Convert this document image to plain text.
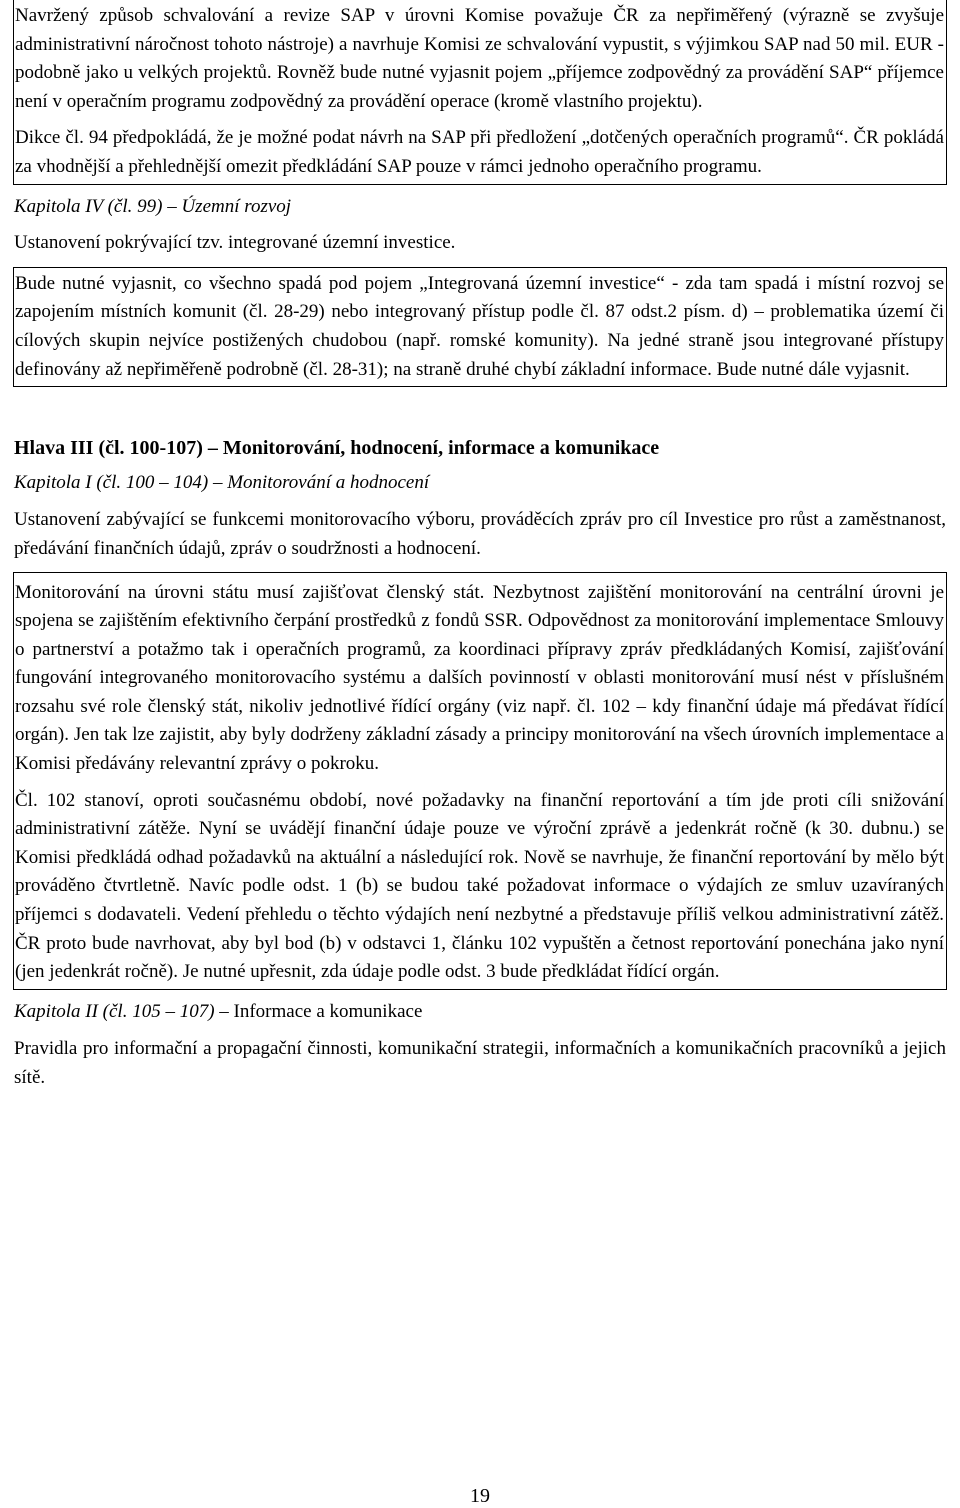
Navržený způsob schvalování a revize SAP v úrovni Komise považuje ČR za nepřiměřený (výrazně se zvyšuje administrativní náročnost tohoto nástroje) a navrhuje Komisi ze schvalování vypustit, s výjimkou SAP nad 50 mil. EUR - podobně jako u velkých projektů. Rovněž bude nutné vyjasnit pojem „příjemce zodpovědný za provádění SAP“ příjemce není v operačním programu zodpovědný za provádění operace (kromě vlastního projektu).

Dikce čl. 94 předpokládá, že je možné podat návrh na SAP při předložení „dotčených operačních programů“. ČR pokládá za vhodnější a přehlednější omezit předkládání SAP pouze v rámci jednoho operačního programu.

Kapitola IV (čl. 99) – Územní rozvoj

Ustanovení pokrývající tzv. integrované územní investice.

Bude nutné vyjasnit, co všechno spadá pod pojem „Integrovaná územní investice“ - zda tam spadá i místní rozvoj se zapojením místních komunit (čl. 28-29) nebo integrovaný přístup podle čl. 87 odst.2 písm. d) – problematika území či cílových skupin nejvíce postižených chudobou (např. romské komunity). Na jedné straně jsou integrované přístupy definovány až nepřiměřeně podrobně (čl. 28-31); na straně druhé chybí základní informace. Bude nutné dále vyjasnit.

Hlava III (čl. 100-107) – Monitorování, hodnocení, informace a komunikace

Kapitola I (čl. 100 – 104) – Monitorování a hodnocení

Ustanovení zabývající se funkcemi monitorovacího výboru, prováděcích zpráv pro cíl Investice pro růst a zaměstnanost, předávání finančních údajů, zpráv o soudržnosti a hodnocení.

Monitorování na úrovni státu musí zajišťovat členský stát. Nezbytnost zajištění monitorování na centrální úrovni je spojena se zajištěním efektivního čerpání prostředků z fondů SSR. Odpovědnost za monitorování implementace Smlouvy o partnerství a potažmo tak i operačních programů, za koordinaci přípravy zpráv předkládaných Komisí, zajišťování fungování integrovaného monitorovacího systému a dalších povinností v oblasti monitorování musí nést v příslušném rozsahu své role členský stát, nikoliv jednotlivé řídící orgány (viz např. čl. 102 – kdy finanční údaje má předávat řídící orgán). Jen tak lze zajistit, aby byly dodrženy základní zásady a principy monitorování na všech úrovních implementace a Komisi předávány relevantní zprávy o pokroku.

Čl. 102 stanoví, oproti současnému období, nové požadavky na finanční reportování a tím jde proti cíli snižování administrativní zátěže. Nyní se uvádějí finanční údaje pouze ve výroční zprávě a jedenkrát ročně (k 30. dubnu.) se Komisi předkládá odhad požadavků na aktuální a následující rok. Nově se navrhuje, že finanční reportování by mělo být prováděno čtvrtletně. Navíc podle odst. 1 (b) se budou také požadovat informace o výdajích ze smluv uzavíraných příjemci s dodavateli. Vedení přehledu o těchto výdajích není nezbytné a představuje příliš velkou administrativní zátěž. ČR proto bude navrhovat, aby byl bod (b) v odstavci 1, článku 102 vypuštěn a četnost reportování ponechána jako nyní (jen jedenkrát ročně). Je nutné upřesnit, zda údaje podle odst. 3 bude předkládat řídící orgán.

Kapitola II (čl. 105 – 107) – Informace a komunikace

Pravidla pro informační a propagační činnosti, komunikační strategii, informačních a komunikačních pracovníků a jejich sítě.

19
